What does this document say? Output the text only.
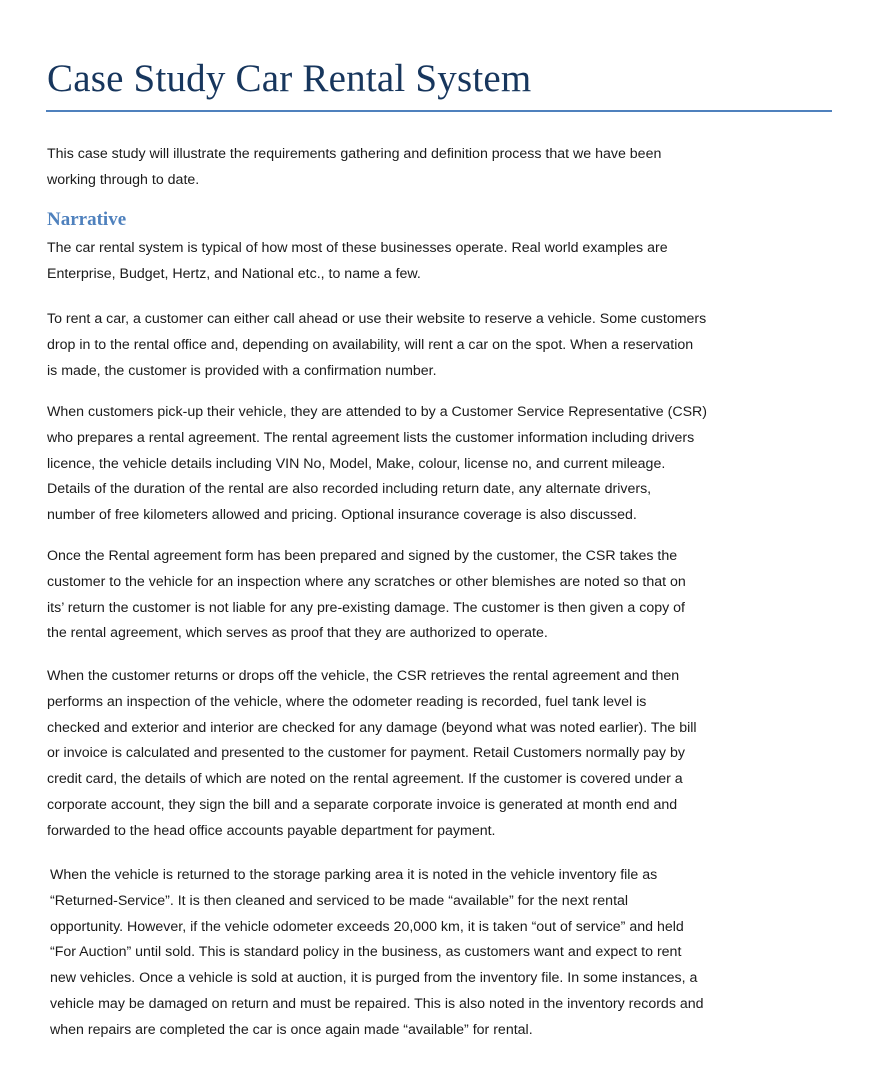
Case Study Car Rental System

This case study will illustrate the requirements gathering and definition process that we have been
working through to date.

Narrative

The car rental system is typical of how most of these businesses operate. Real world examples are
Enterprise, Budget, Hertz, and National etc., to name a few.

To rent a car, a customer can either call ahead or use their website to reserve a vehicle. Some customers
drop in to the rental office and, depending on availability, will rent a car on the spot. When a reservation
is made, the customer is provided with a confirmation number.

When customers pick-up their vehicle, they are attended to by a Customer Service Representative (CSR)
who prepares a rental agreement. The rental agreement lists the customer information including drivers
licence, the vehicle details including VIN No, Model, Make, colour, license no, and current mileage.
Details of the duration of the rental are also recorded including return date, any alternate drivers,
number of free kilometers allowed and pricing. Optional insurance coverage is also discussed.

Once the Rental agreement form has been prepared and signed by the customer, the CSR takes the
customer to the vehicle for an inspection where any scratches or other blemishes are noted so that on
its’ return the customer is not liable for any pre-existing damage. The customer is then given a copy of
the rental agreement, which serves as proof that they are authorized to operate.

When the customer returns or drops off the vehicle, the CSR retrieves the rental agreement and then
performs an inspection of the vehicle, where the odometer reading is recorded, fuel tank level is
checked and exterior and interior are checked for any damage (beyond what was noted earlier). The bill
or invoice is calculated and presented to the customer for payment. Retail Customers normally pay by
credit card, the details of which are noted on the rental agreement. If the customer is covered under a
corporate account, they sign the bill and a separate corporate invoice is generated at month end and
forwarded to the head office accounts payable department for payment.

When the vehicle is returned to the storage parking area it is noted in the vehicle inventory file as
“Returned-Service”. It is then cleaned and serviced to be made “available” for the next rental
opportunity. However, if the vehicle odometer exceeds 20,000 km, it is taken “out of service” and held
“For Auction” until sold. This is standard policy in the business, as customers want and expect to rent
new vehicles. Once a vehicle is sold at auction, it is purged from the inventory file. In some instances, a
vehicle may be damaged on return and must be repaired. This is also noted in the inventory records and
when repairs are completed the car is once again made “available” for rental.
